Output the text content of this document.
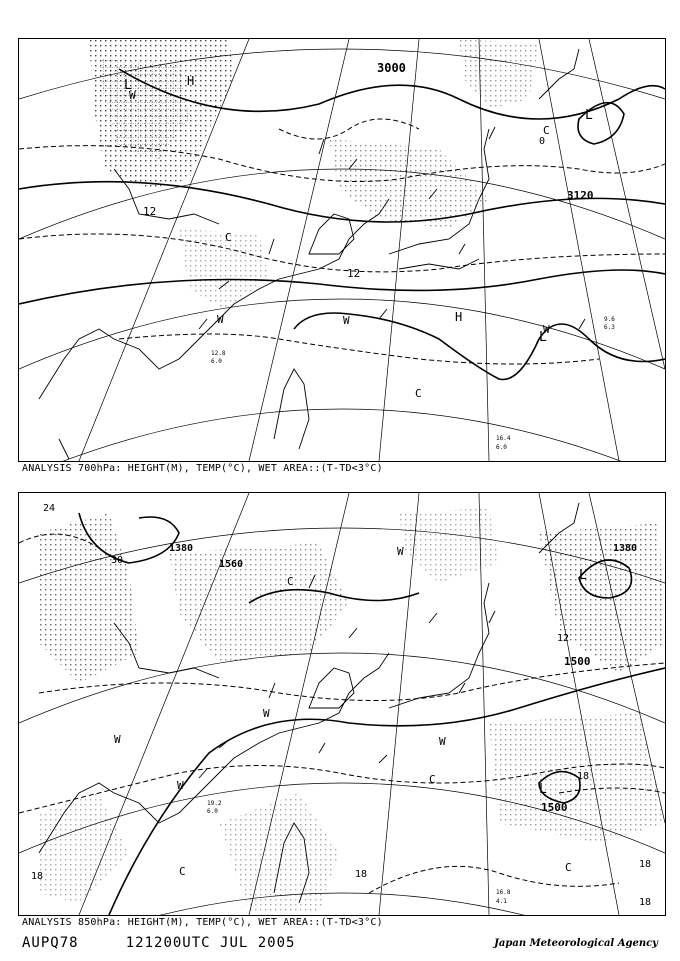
3000
3120
12
12
0
H
L
L
H
L
W
W	W
C
C
C
W
16.4
6.0
12.8
6.0
9.6
6.3
ANALYSIS 700hPa: HEIGHT(M), TEMP(°C), WET AREA::(T-TD<3°C)
1380
1500
1500
1560
1380
24
30
18
12
18
18
18
18
L
L
W
W
W
W
C
C
W
C
C
16.8
4.1
19.2
6.0
ANALYSIS 850hPa: HEIGHT(M), TEMP(°C), WET AREA::(T-TD<3°C)
AUPQ78	121200UTC JUL 2005	Japan Meteorological Agency
